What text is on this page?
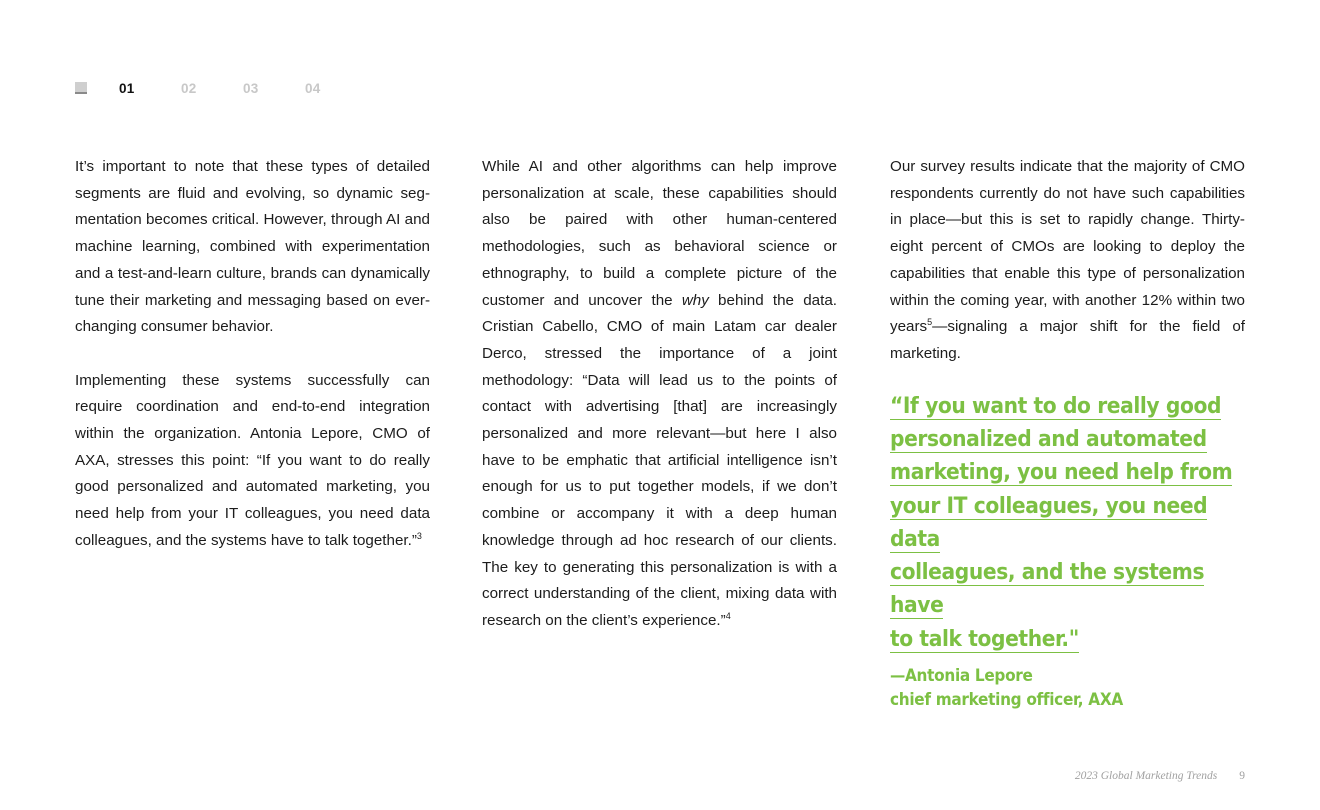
01	02	03	04

It’s important to note that these types of detailed segments are fluid and evolving, so dynamic segmentation becomes critical. However, through AI and machine learning, combined with experimentation and a test-and-learn culture, brands can dynamically tune their marketing and messaging based on ever-changing consumer behavior.

Implementing these systems successfully can require coordination and end-to-end integration within the organization. Antonia Lepore, CMO of AXA, stresses this point: “If you want to do really good personalized and automated marketing, you need help from your IT colleagues, you need data colleagues, and the systems have to talk together.”$^3$

While AI and other algorithms can help improve personalization at scale, these capabilities should also be paired with other human-centered methodologies, such as behavioral science or ethnography, to build a complete picture of the customer and uncover the why behind the data. Cristian Cabello, CMO of main Latam car dealer Derco, stressed the importance of a joint methodology: “Data will lead us to the points of contact with advertising [that] are increasingly personalized and more relevant—but here I also have to be emphatic that artificial intelligence isn’t enough for us to put together models, if we don’t combine or accompany it with a deep human knowledge through ad hoc research of our clients. The key to generating this personalization is with a correct understanding of the client, mixing data with research on the client’s experience.”$^4$

Our survey results indicate that the majority of CMO respondents currently do not have such capabilities in place—but this is set to rapidly change. Thirty-eight percent of CMOs are looking to deploy the capabilities that enable this type of personalization within the coming year, with another 12% within two years$^5$—signaling a major shift for the field of marketing.

“If you want to do really good
personalized and automated
marketing, you need help from
your IT colleagues, you need data
colleagues, and the systems have
to talk together."
—Antonia Lepore
chief marketing officer, AXA
2023 Global Marketing Trends 9
